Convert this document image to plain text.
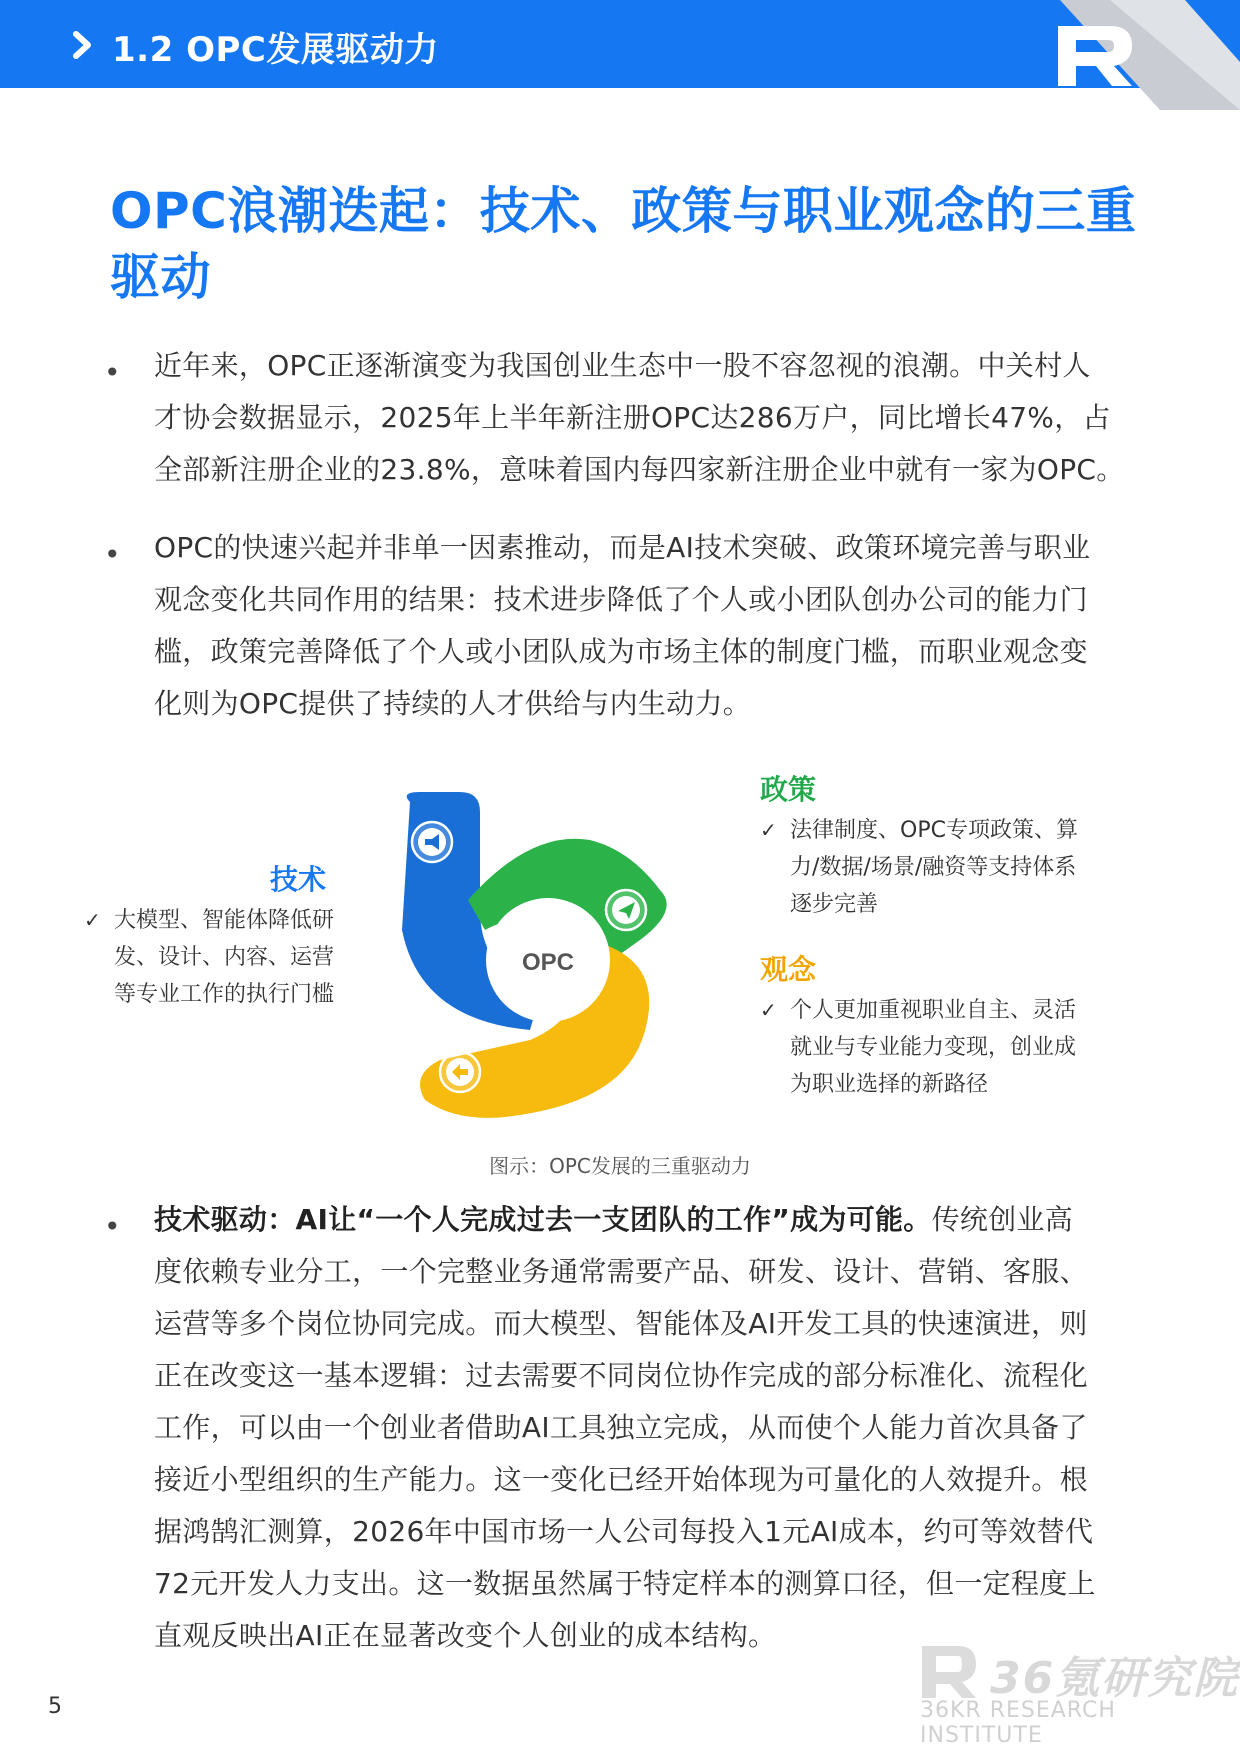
1.2 OPC发展驱动力
OPC浪潮迭起：技术、政策与职业观念的三重
驱动
• 近年来，OPC正逐渐演变为我国创业生态中一股不容忽视的浪潮。中关村人
才协会数据显示，2025年上半年新注册OPC达286万户，同比增长47%，占
全部新注册企业的23.8%，意味着国内每四家新注册企业中就有一家为OPC。
• OPC的快速兴起并非单一因素推动，而是AI技术突破、政策环境完善与职业
观念变化共同作用的结果：技术进步降低了个人或小团队创办公司的能力门
槛，政策完善降低了个人或小团队成为市场主体的制度门槛，而职业观念变
化则为OPC提供了持续的人才供给与内生动力。
OPC
技术
✓ 大模型、智能体降低研
发、设计、内容、运营
等专业工作的执行门槛
政策
✓ 法律制度、OPC专项政策、算
力/数据/场景/融资等支持体系
逐步完善
观念
✓ 个人更加重视职业自主、灵活
就业与专业能力变现，创业成
为职业选择的新路径
图示：OPC发展的三重驱动力
• 技术驱动：AI让“一个人完成过去一支团队的工作”成为可能。传统创业高
度依赖专业分工，一个完整业务通常需要产品、研发、设计、营销、客服、
运营等多个岗位协同完成。而大模型、智能体及AI开发工具的快速演进，则
正在改变这一基本逻辑：过去需要不同岗位协作完成的部分标准化、流程化
工作，可以由一个创业者借助AI工具独立完成，从而使个人能力首次具备了
接近小型组织的生产能力。这一变化已经开始体现为可量化的人效提升。根
据鸿鹄汇测算，2026年中国市场一人公司每投入1元AI成本，约可等效替代
72元开发人力支出。这一数据虽然属于特定样本的测算口径，但一定程度上
直观反映出AI正在显著改变个人创业的成本结构。
5
36氪研究院
36KR RESEARCH INSTITUTE
